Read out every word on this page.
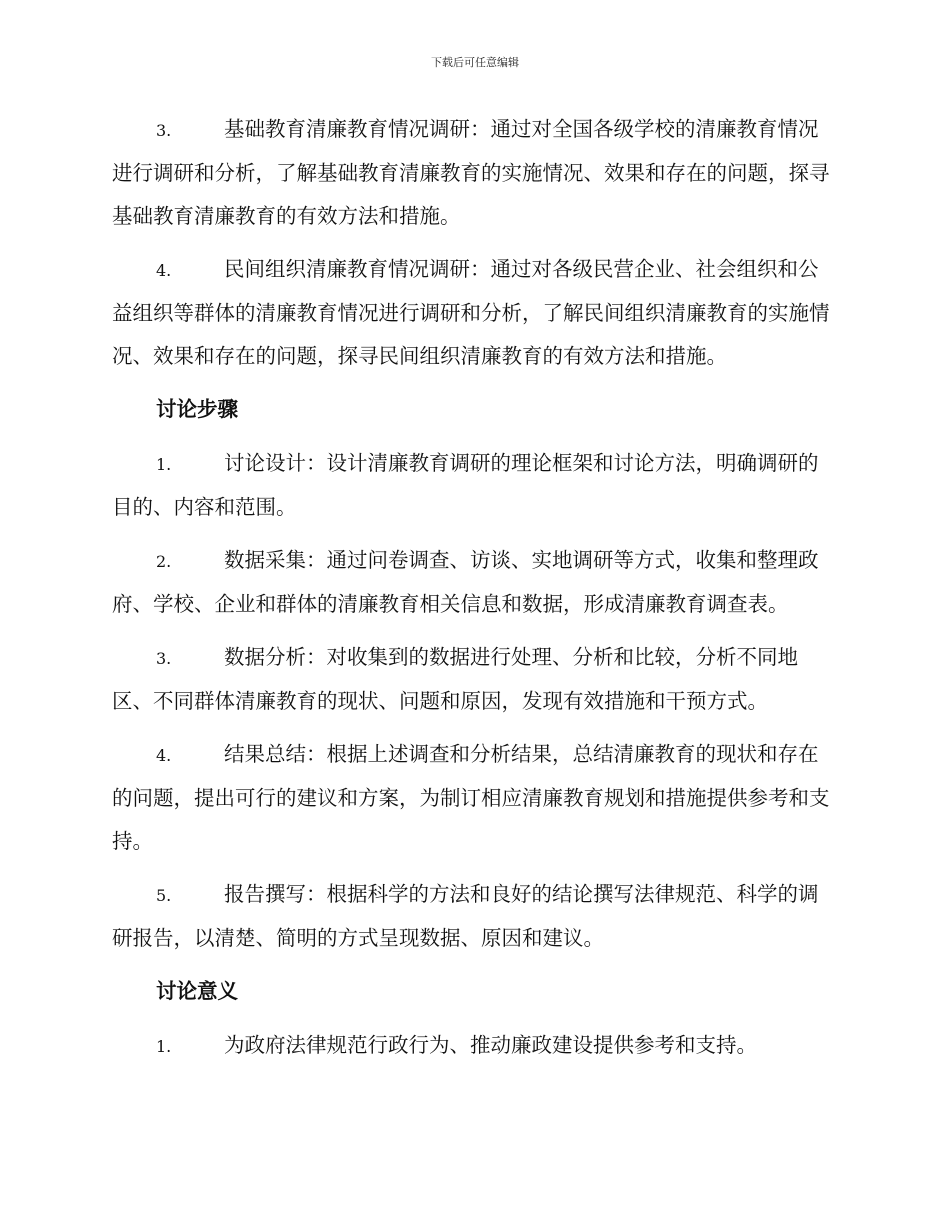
下载后可任意编辑

3.	基础教育清廉教育情况调研：通过对全国各级学校的清廉教育情况进行调研和分析，了解基础教育清廉教育的实施情况、效果和存在的问题，探寻基础教育清廉教育的有效方法和措施。

4.	民间组织清廉教育情况调研：通过对各级民营企业、社会组织和公益组织等群体的清廉教育情况进行调研和分析，了解民间组织清廉教育的实施情况、效果和存在的问题，探寻民间组织清廉教育的有效方法和措施。

讨论步骤

1.	讨论设计：设计清廉教育调研的理论框架和讨论方法，明确调研的目的、内容和范围。

2.	数据采集：通过问卷调查、访谈、实地调研等方式，收集和整理政府、学校、企业和群体的清廉教育相关信息和数据，形成清廉教育调查表。

3.	数据分析：对收集到的数据进行处理、分析和比较，分析不同地区、不同群体清廉教育的现状、问题和原因，发现有效措施和干预方式。

4.	结果总结：根据上述调查和分析结果，总结清廉教育的现状和存在的问题，提出可行的建议和方案，为制订相应清廉教育规划和措施提供参考和支持。

5.	报告撰写：根据科学的方法和良好的结论撰写法律规范、科学的调研报告，以清楚、简明的方式呈现数据、原因和建议。

讨论意义

1.	为政府法律规范行政行为、推动廉政建设提供参考和支持。
